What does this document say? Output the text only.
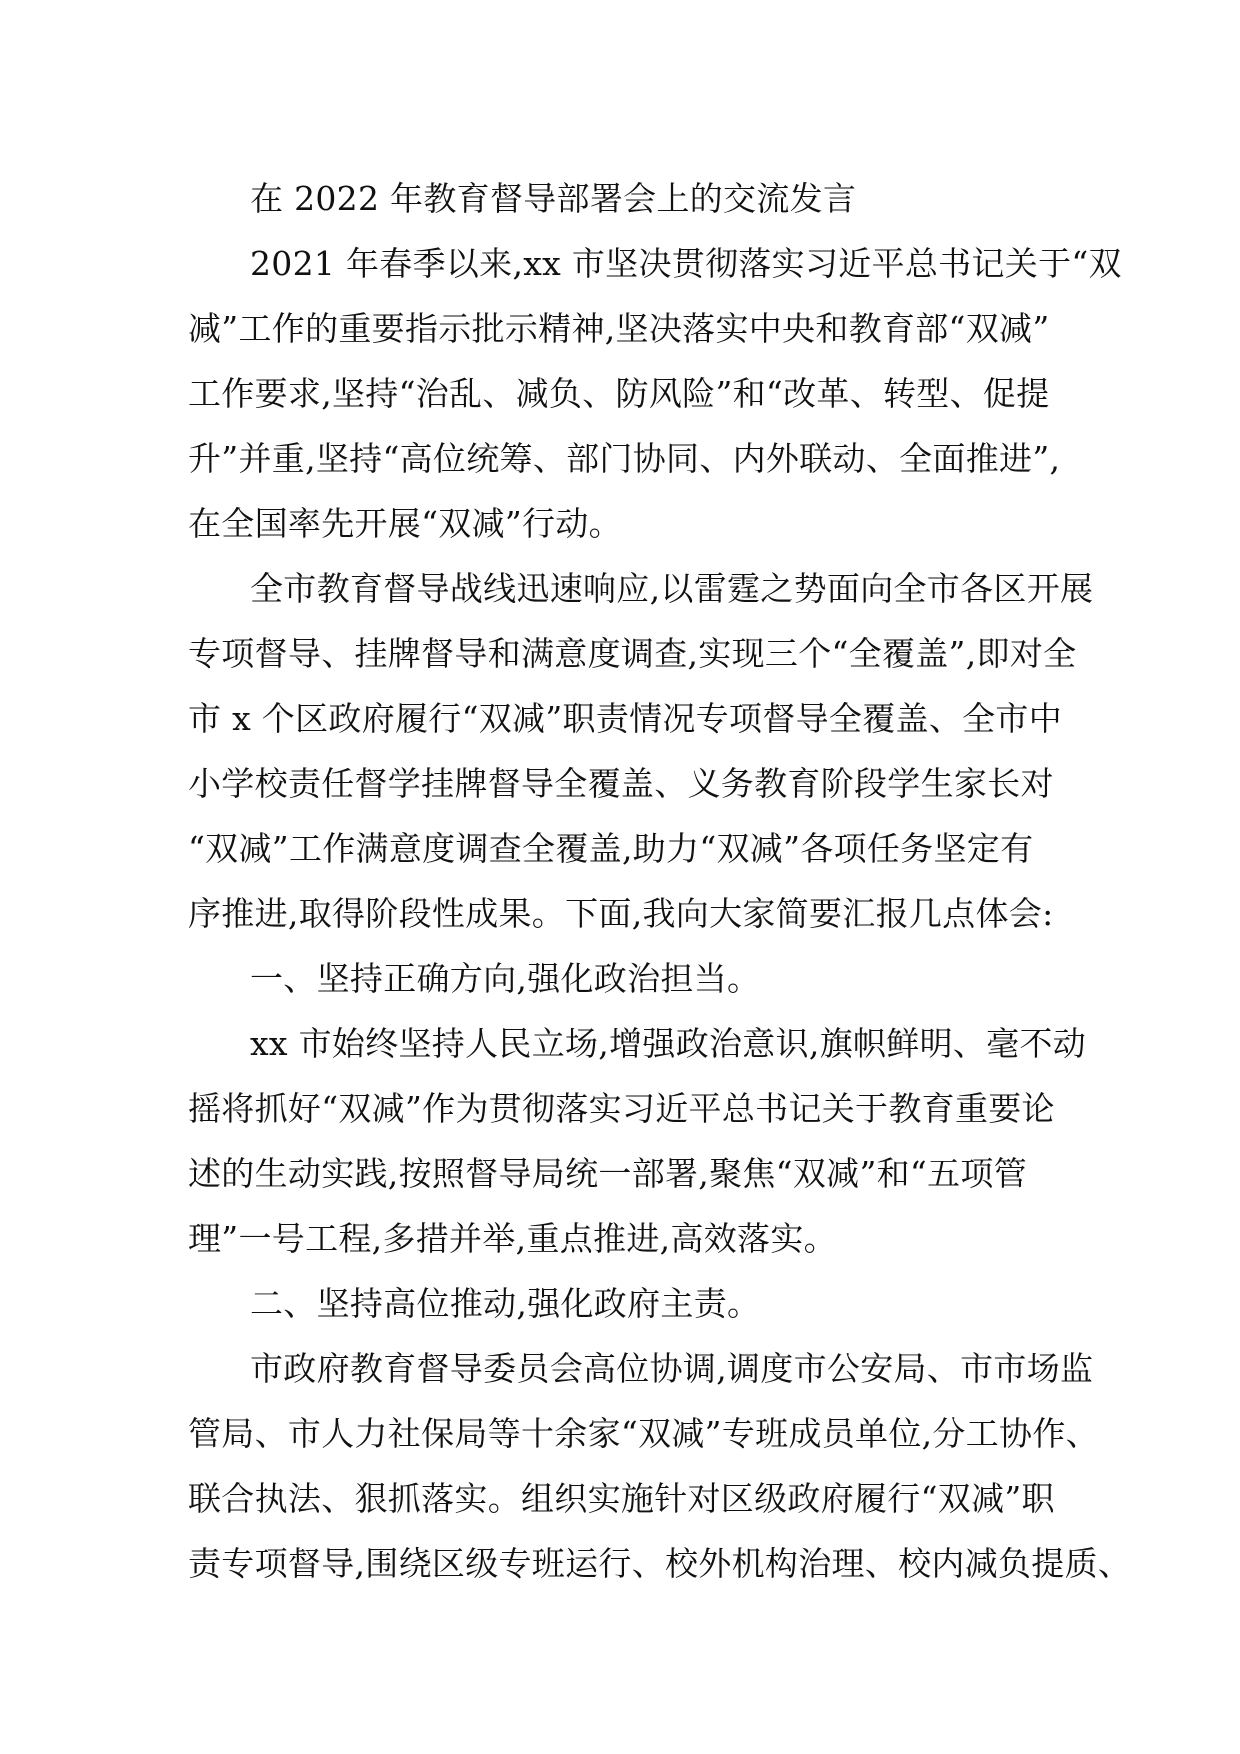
在 2022 年教育督导部署会上的交流发言
2021 年春季以来,xx 市坚决贯彻落实习近平总书记关于“双
减”工作的重要指示批示精神,坚决落实中央和教育部“双减”
工作要求,坚持“治乱、减负、防风险”和“改革、转型、促提
升”并重,坚持“高位统筹、部门协同、内外联动、全面推进”,
在全国率先开展“双减”行动。
全市教育督导战线迅速响应,以雷霆之势面向全市各区开展
专项督导、挂牌督导和满意度调查,实现三个“全覆盖”,即对全
市 x 个区政府履行“双减”职责情况专项督导全覆盖、全市中
小学校责任督学挂牌督导全覆盖、义务教育阶段学生家长对
“双减”工作满意度调查全覆盖,助力“双减”各项任务坚定有
序推进,取得阶段性成果。下面,我向大家简要汇报几点体会:
一、坚持正确方向,强化政治担当。
xx 市始终坚持人民立场,增强政治意识,旗帜鲜明、毫不动
摇将抓好“双减”作为贯彻落实习近平总书记关于教育重要论
述的生动实践,按照督导局统一部署,聚焦“双减”和“五项管
理”一号工程,多措并举,重点推进,高效落实。
二、坚持高位推动,强化政府主责。
市政府教育督导委员会高位协调,调度市公安局、市市场监
管局、市人力社保局等十余家“双减”专班成员单位,分工协作、
联合执法、狠抓落实。组织实施针对区级政府履行“双减”职
责专项督导,围绕区级专班运行、校外机构治理、校内减负提质、
